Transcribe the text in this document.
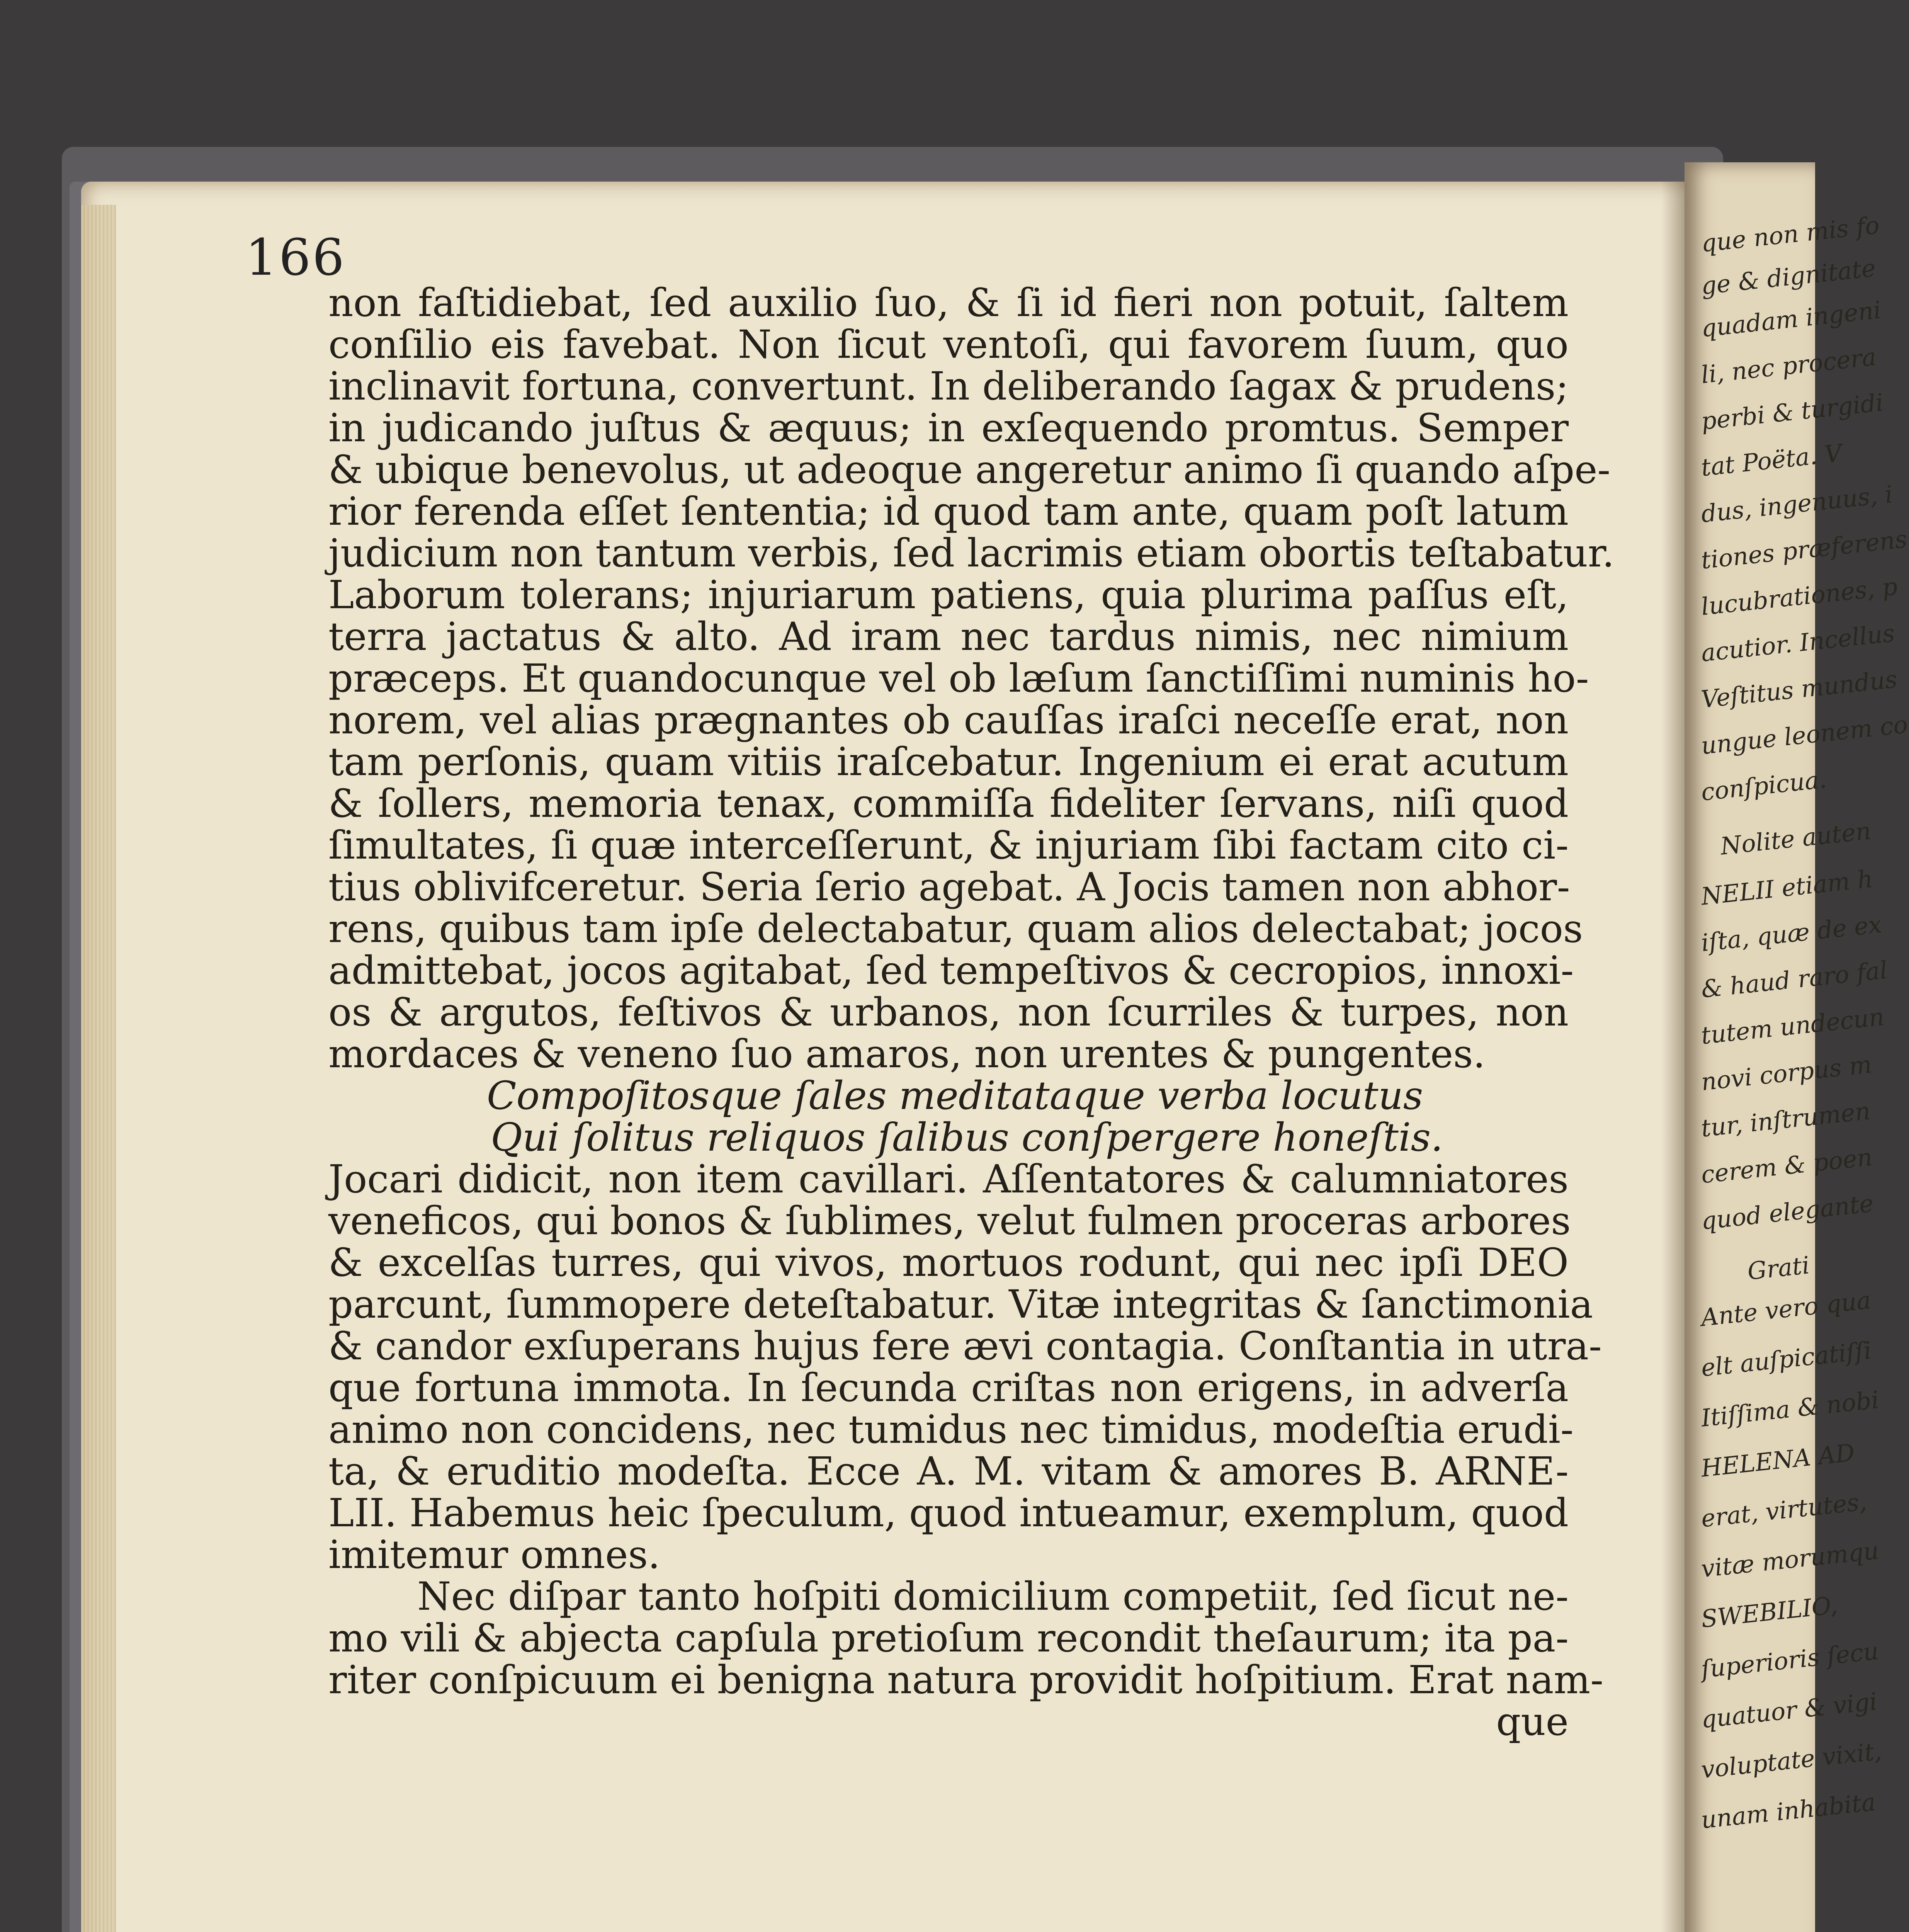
166
non faſtidiebat, ſed auxilio ſuo, & ſi id fieri non potuit, ſaltem
conſilio eis favebat. Non ſicut ventoſi, qui favorem ſuum, quo
inclinavit fortuna, convertunt. In deliberando ſagax & prudens;
in judicando juſtus & æquus; in exſequendo promtus. Semper
& ubique benevolus, ut adeoque angeretur animo ſi quando aſpe-
rior ferenda eſſet ſententia; id quod tam ante, quam poſt latum
judicium non tantum verbis, ſed lacrimis etiam obortis teſtabatur.
Laborum tolerans; injuriarum patiens, quia plurima paſſus eſt,
terra jactatus & alto. Ad iram nec tardus nimis, nec nimium
præceps. Et quandocunque vel ob læſum ſanctiſſimi numinis ho-
norem, vel alias prægnantes ob cauſſas iraſci neceſſe erat, non
tam perſonis, quam vitiis iraſcebatur. Ingenium ei erat acutum
& ſollers, memoria tenax, commiſſa fideliter ſervans, niſi quod
ſimultates, ſi quæ interceſſerunt, & injuriam ſibi factam cito ci-
tius oblivifceretur. Seria ſerio agebat. A Jocis tamen non abhor-
rens, quibus tam ipſe delectabatur, quam alios delectabat; jocos
admittebat, jocos agitabat, ſed tempeſtivos & cecropios, innoxi-
os & argutos, feſtivos & urbanos, non ſcurriles & turpes, non
mordaces & veneno ſuo amaros, non urentes & pungentes.
Compoſitosque ſales meditataque verba locutus
Qui ſolitus reliquos ſalibus conſpergere honeſtis.
Jocari didicit, non item cavillari. Aſſentatores & calumniatores
veneficos, qui bonos & ſublimes, velut fulmen proceras arbores
& excelſas turres, qui vivos, mortuos rodunt, qui nec ipſi DEO
parcunt, ſummopere deteſtabatur. Vitæ integritas & ſanctimonia
& candor exſuperans hujus fere ævi contagia. Conſtantia in utra-
que fortuna immota. In ſecunda criſtas non erigens, in adverſa
animo non concidens, nec tumidus nec timidus, modeſtia erudi-
ta, & eruditio modeſta. Ecce A. M. vitam & amores B. ARNE-
LII. Habemus heic ſpeculum, quod intueamur, exemplum, quod
imitemur omnes.
Nec diſpar tanto hoſpiti domicilium competiit, ſed ſicut ne-
mo vili & abjecta capſula pretioſum recondit theſaurum; ita pa-
riter conſpicuum ei benigna natura providit hoſpitium. Erat nam-
que
que non mis fo
ge & dignitate
quadam ingeni
li, nec procera
perbi & turgidi
tat Poëta. V
dus, ingenuus, i
tiones præferens
lucubrationes, p
acutior. Incellus
Veſtitus mundus
ungue leonem co
conſpicua.
Nolite auten
NELII etiam h
iſta, quæ de ex
& haud raro fal
tutem undecun
novi corpus m
tur, inſtrumen
cerem & poen
quod elegante
Grati
Ante vero qua
elt auſpicatiſſi
Itiſſima & nobi
HELENA AD
erat, virtutes,
vitæ morumqu
SWEBILIO,
ſuperioris ſecu
quatuor & vigi
voluptate vixit,
unam inhabita
